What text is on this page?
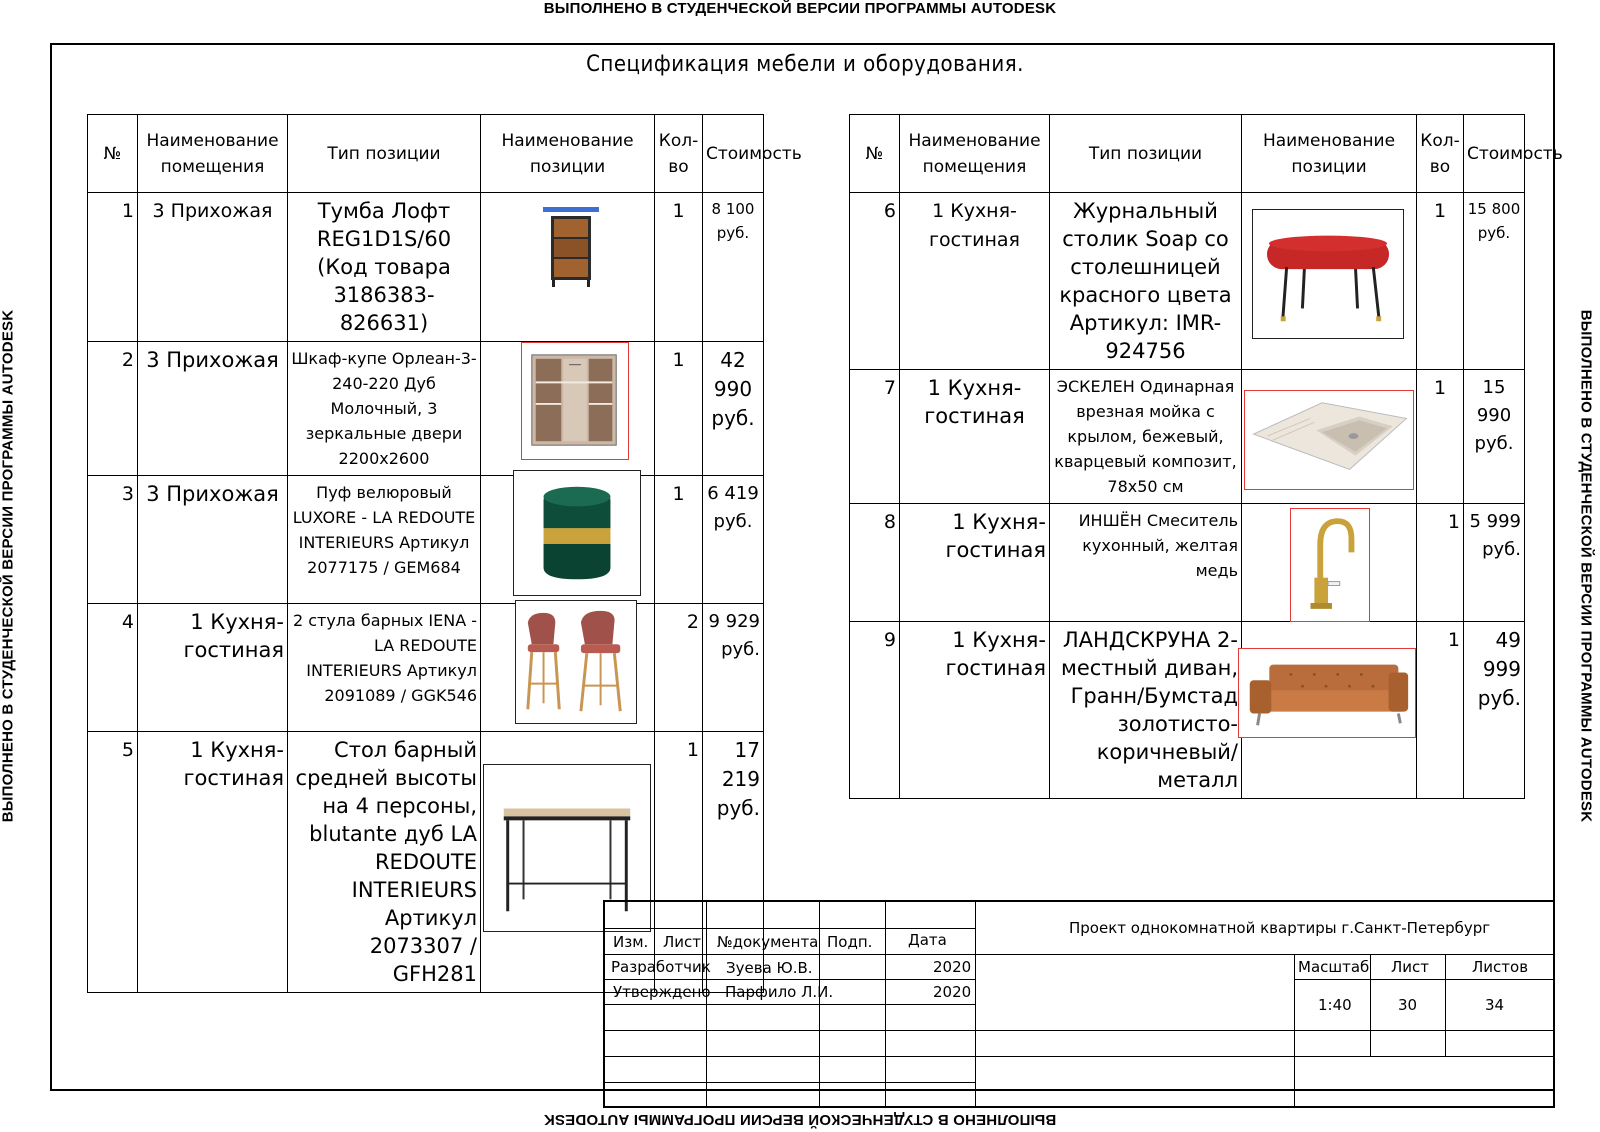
ВЫПОЛНЕНО В СТУДЕНЧЕСКОЙ ВЕРСИИ ПРОГРАММЫ AUTODESK
ВЫПОЛНЕНО В СТУДЕНЧЕСКОЙ ВЕРСИИ ПРОГРАММЫ AUTODESK
ВЫПОЛНЕНО В СТУДЕНЧЕСКОЙ ВЕРСИИ ПРОГРАММЫ AUTODESK	ВЫПОЛНЕНО В СТУДЕНЧЕСКОЙ ВЕРСИИ ПРОГРАММЫ AUTODESK
Спецификация мебели и оборудования.
№	Наименование помещения	Тип позиции	Наименование позиции	Кол-во	Стоимость
1	3 Прихожая	Тумба Лофт REG1D1S/60 (Код товара 3186383-826631)		1	8 100 руб.
2	3 Прихожая	Шкаф-купе Орлеан-3-240-220 Дуб Молочный, 3 зеркальные двери 2200х2600		1	42 990 руб.
3	3 Прихожая	Пуф велюровый LUXORE - LA REDOUTE INTERIEURS Артикул 2077175 / GEM684		1	6 419 руб.
4	1 Кухня-гостиная	2 стула барных IENA - LA REDOUTE INTERIEURS Артикул 2091089 / GGK546		2	9 929 руб.
5	1 Кухня-гостиная	Стол барный средней высоты на 4 персоны, blutante дуб LA REDOUTE INTERIEURS Артикул 2073307 / GFH281		1	17 219 руб.
№	Наименование помещения	Тип позиции	Наименование позиции	Кол-во	Стоимость
6	1 Кухня-гостиная	Журнальный столик Soap со столешницей красного цвета Артикул: IMR-924756		1	15 800 руб.
7	1 Кухня-гостиная	ЭСКЕЛЕН Одинарная врезная мойка с крылом, бежевый, кварцевый композит, 78x50 см		1	15 990 руб.
8	1 Кухня-гостиная	ИНШЁН Смеситель кухонный, желтая медь		1	5 999 руб.
9	1 Кухня-гостиная	ЛАНДСКРУНА 2-местный диван, Гранн/Бумстад золотисто-коричневый/металл		1	49 999 руб.
Изм. Лист №документа Подп. Дата
Разработчик Зуева Ю.В.	2020
Утверждено Парфило Л.И.	2020
Проект однокомнатной квартиры г.Санкт-Петербург
Масштаб Лист	Листов
1:40	30	34
